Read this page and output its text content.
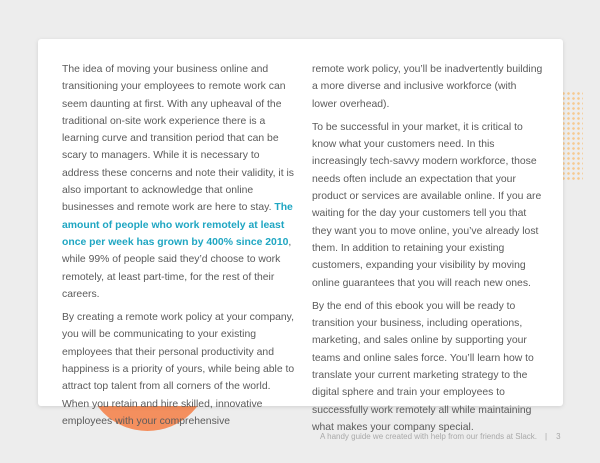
The idea of moving your business online and transitioning your employees to remote work can seem daunting at first. With any upheaval of the traditional on-site work experience there is a learning curve and transition period that can be scary to managers. While it is necessary to address these concerns and note their validity, it is also important to acknowledge that online businesses and remote work are here to stay. The amount of people who work remotely at least once per week has grown by 400% since 2010, while 99% of people said they’d choose to work remotely, at least part-time, for the rest of their careers.

By creating a remote work policy at your company, you will be communicating to your existing employees that their personal productivity and happiness is a priority of yours, while being able to attract top talent from all corners of the world. When you retain and hire skilled, innovative employees with your comprehensive

remote work policy, you’ll be inadvertently building a more diverse and inclusive workforce (with lower overhead).

To be successful in your market, it is critical to know what your customers need. In this increasingly tech-savvy modern workforce, those needs often include an expectation that your product or services are available online. If you are waiting for the day your customers tell you that they want you to move online, you’ve already lost them. In addition to retaining your existing customers, expanding your visibility by moving online guarantees that you will reach new ones.

By the end of this ebook you will be ready to transition your business, including operations, marketing, and sales online by supporting your teams and online sales force. You’ll learn how to translate your current marketing strategy to the digital sphere and train your employees to successfully work remotely all while maintaining what makes your company special.

A handy guide we created with help from our friends at Slack. | 3
